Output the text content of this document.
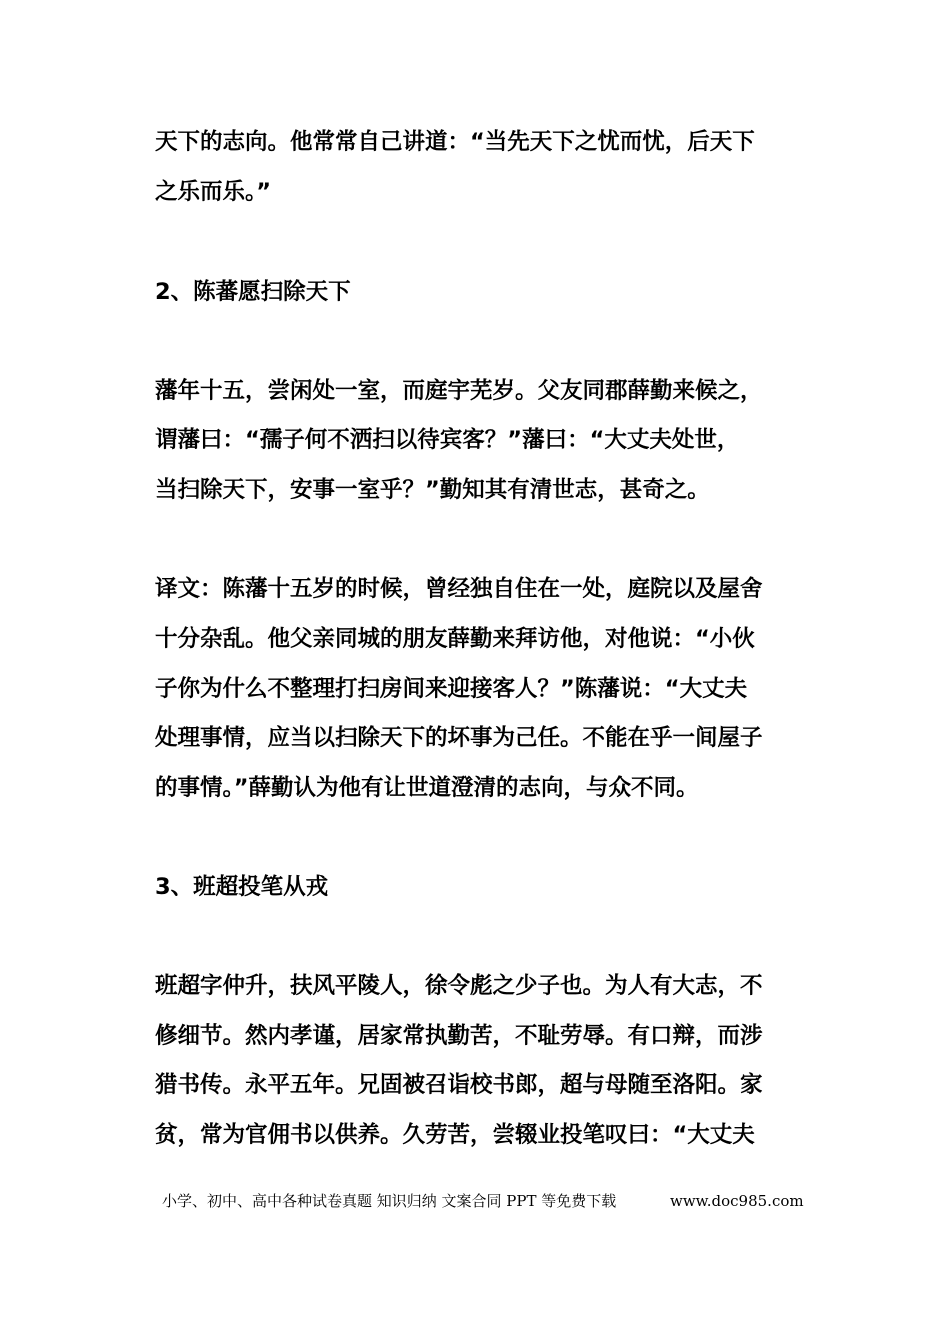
天下的志向。他常常自己讲道：“当先天下之忧而忧，后天下
之乐而乐。”
2、陈蕃愿扫除天下
藩年十五，尝闲处一室，而庭宇芜岁。父友同郡薛勤来候之，
谓藩曰：“孺子何不洒扫以待宾客？”藩曰：“大丈夫处世，
当扫除天下，安事一室乎？”勤知其有清世志，甚奇之。
译文：陈藩十五岁的时候，曾经独自住在一处，庭院以及屋舍
十分杂乱。他父亲同城的朋友薛勤来拜访他，对他说：“小伙
子你为什么不整理打扫房间来迎接客人？”陈藩说：“大丈夫
处理事情，应当以扫除天下的坏事为己任。不能在乎一间屋子
的事情。”薛勤认为他有让世道澄清的志向，与众不同。
3、班超投笔从戎
班超字仲升，扶风平陵人，徐令彪之少子也。为人有大志，不
修细节。然内孝谨，居家常执勤苦，不耻劳辱。有口辩，而涉
猎书传。永平五年。兄固被召诣校书郎，超与母随至洛阳。家
贫，常为官佣书以供养。久劳苦，尝辍业投笔叹曰：“大丈夫
小学、初中、高中各种试卷真题 知识归纳 文案合同 PPT 等免费下载	www.doc985.com
